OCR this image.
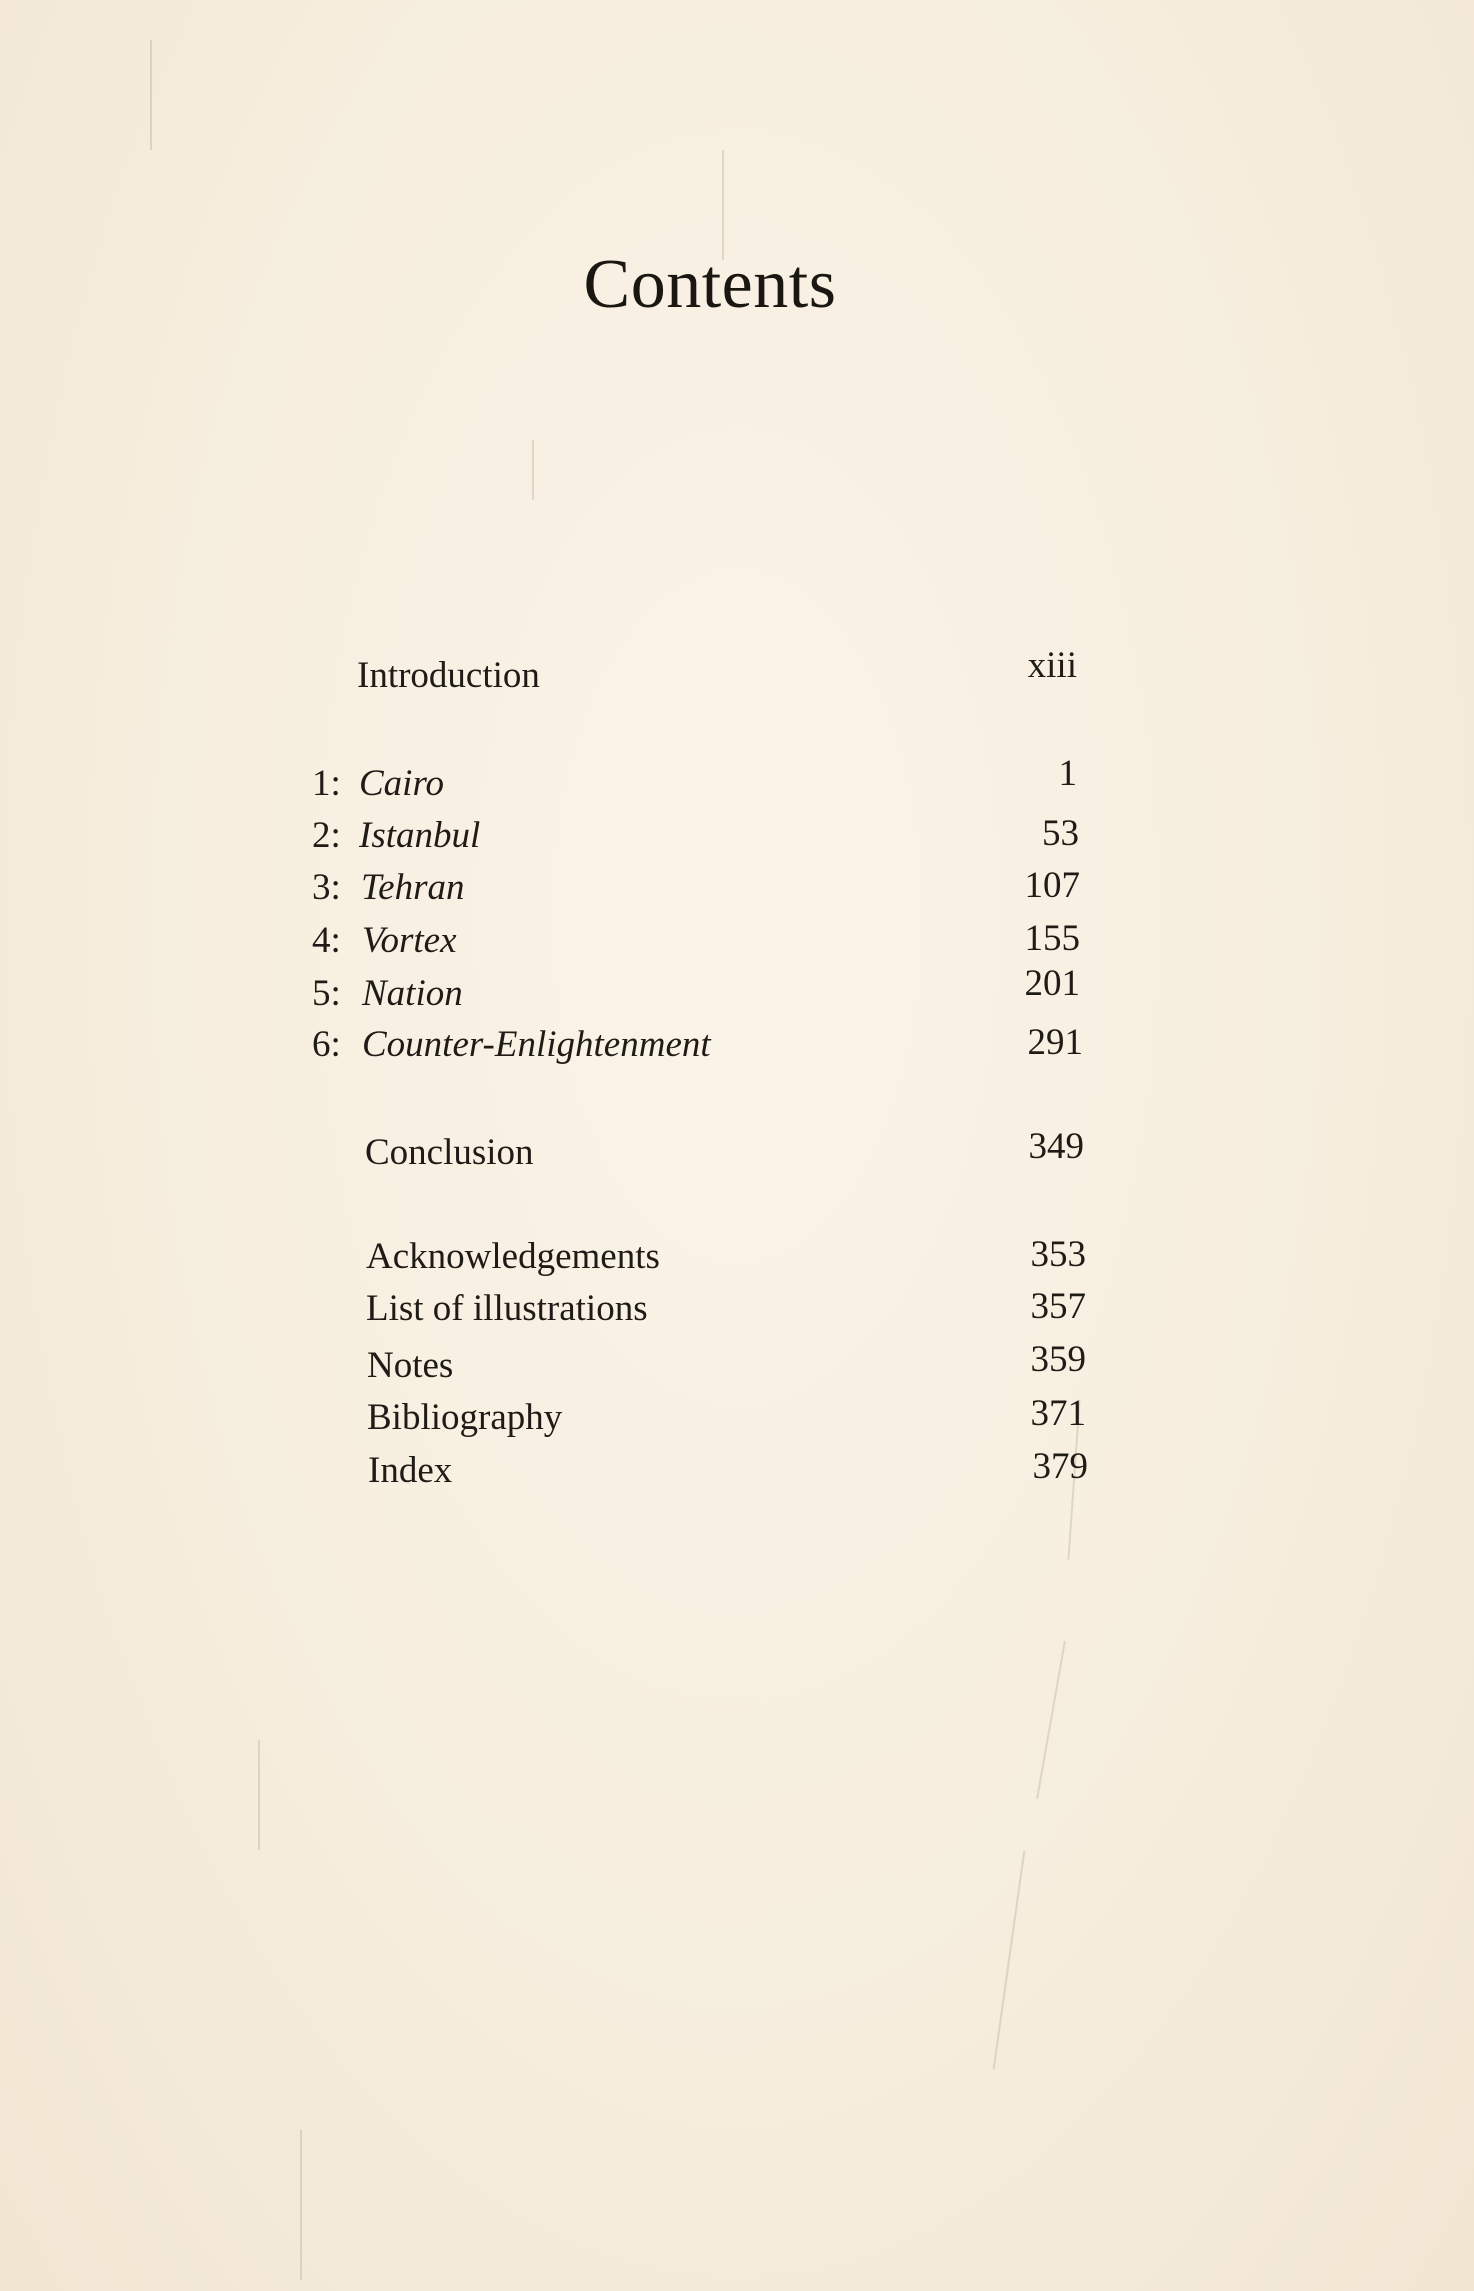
Contents
Introduction	xiii
1: Cairo	1
2: Istanbul	53
3: Tehran	107
4: Vortex	155
5: Nation	201
6: Counter-Enlightenment	291
Conclusion	349
Acknowledgements	353
List of illustrations	357
Notes	359
Bibliography	371
Index	379
